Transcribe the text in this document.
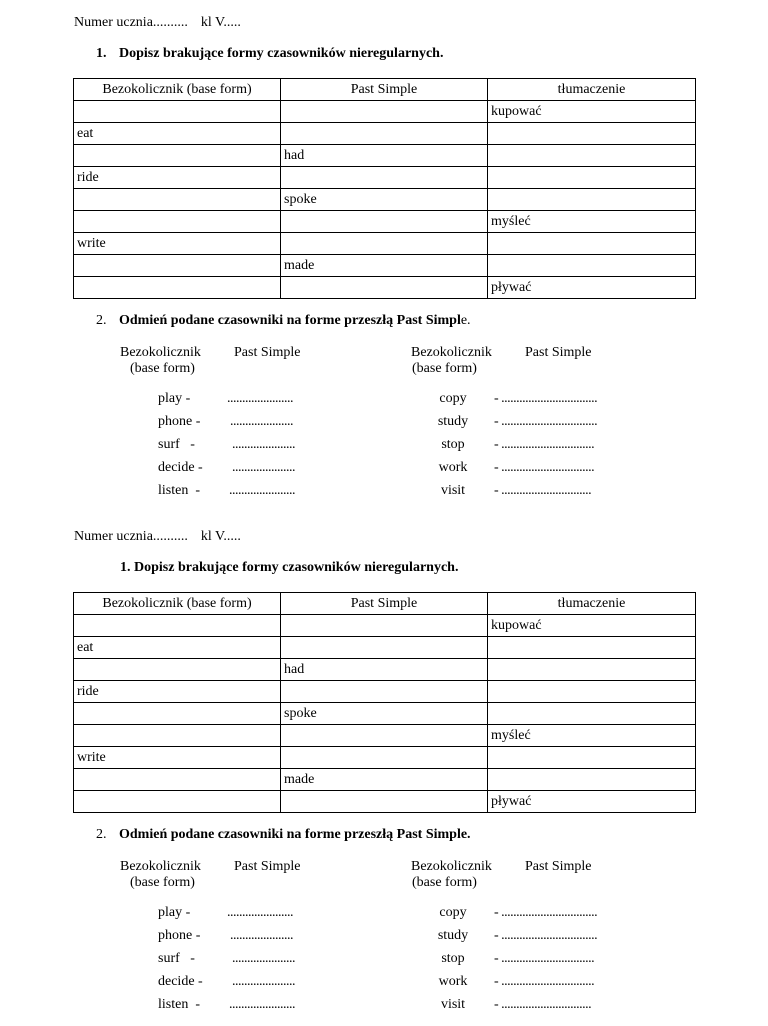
Numer ucznia.......... kl V.....
1. Dopisz brakujące formy czasowników nieregularnych.
Bezokolicznik (base form)	Past Simple	tłumaczenie
		kupować
eat		
	had	
ride		
	spoke	
		myśleć
write		
	made	
		pływać
2. Odmień podane czasowniki na forme przeszłą Past Simple.
Bezokolicznik
(base form)
Past Simple	Bezokolicznik
(base form)
Past Simple
play -	......................
phone - .....................
surf   -	.....................
decide - .....................
listen  - ......................
copy	- ................................
study - ................................
stop	- ...............................
work	- ...............................
visit	- ..............................
Numer ucznia.......... kl V.....
1. Dopisz brakujące formy czasowników nieregularnych.
Bezokolicznik (base form)	Past Simple	tłumaczenie
		kupować
eat		
	had	
ride		
	spoke	
		myśleć
write		
	made	
		pływać
2. Odmień podane czasowniki na forme przeszłą Past Simple.
Bezokolicznik
(base form)
Past Simple	Bezokolicznik
(base form)
Past Simple
play -	......................
phone - .....................
surf   -	.....................
decide - .....................
listen  - ......................
copy	- ................................
study - ................................
stop	- ...............................
work	- ...............................
visit	- ..............................
